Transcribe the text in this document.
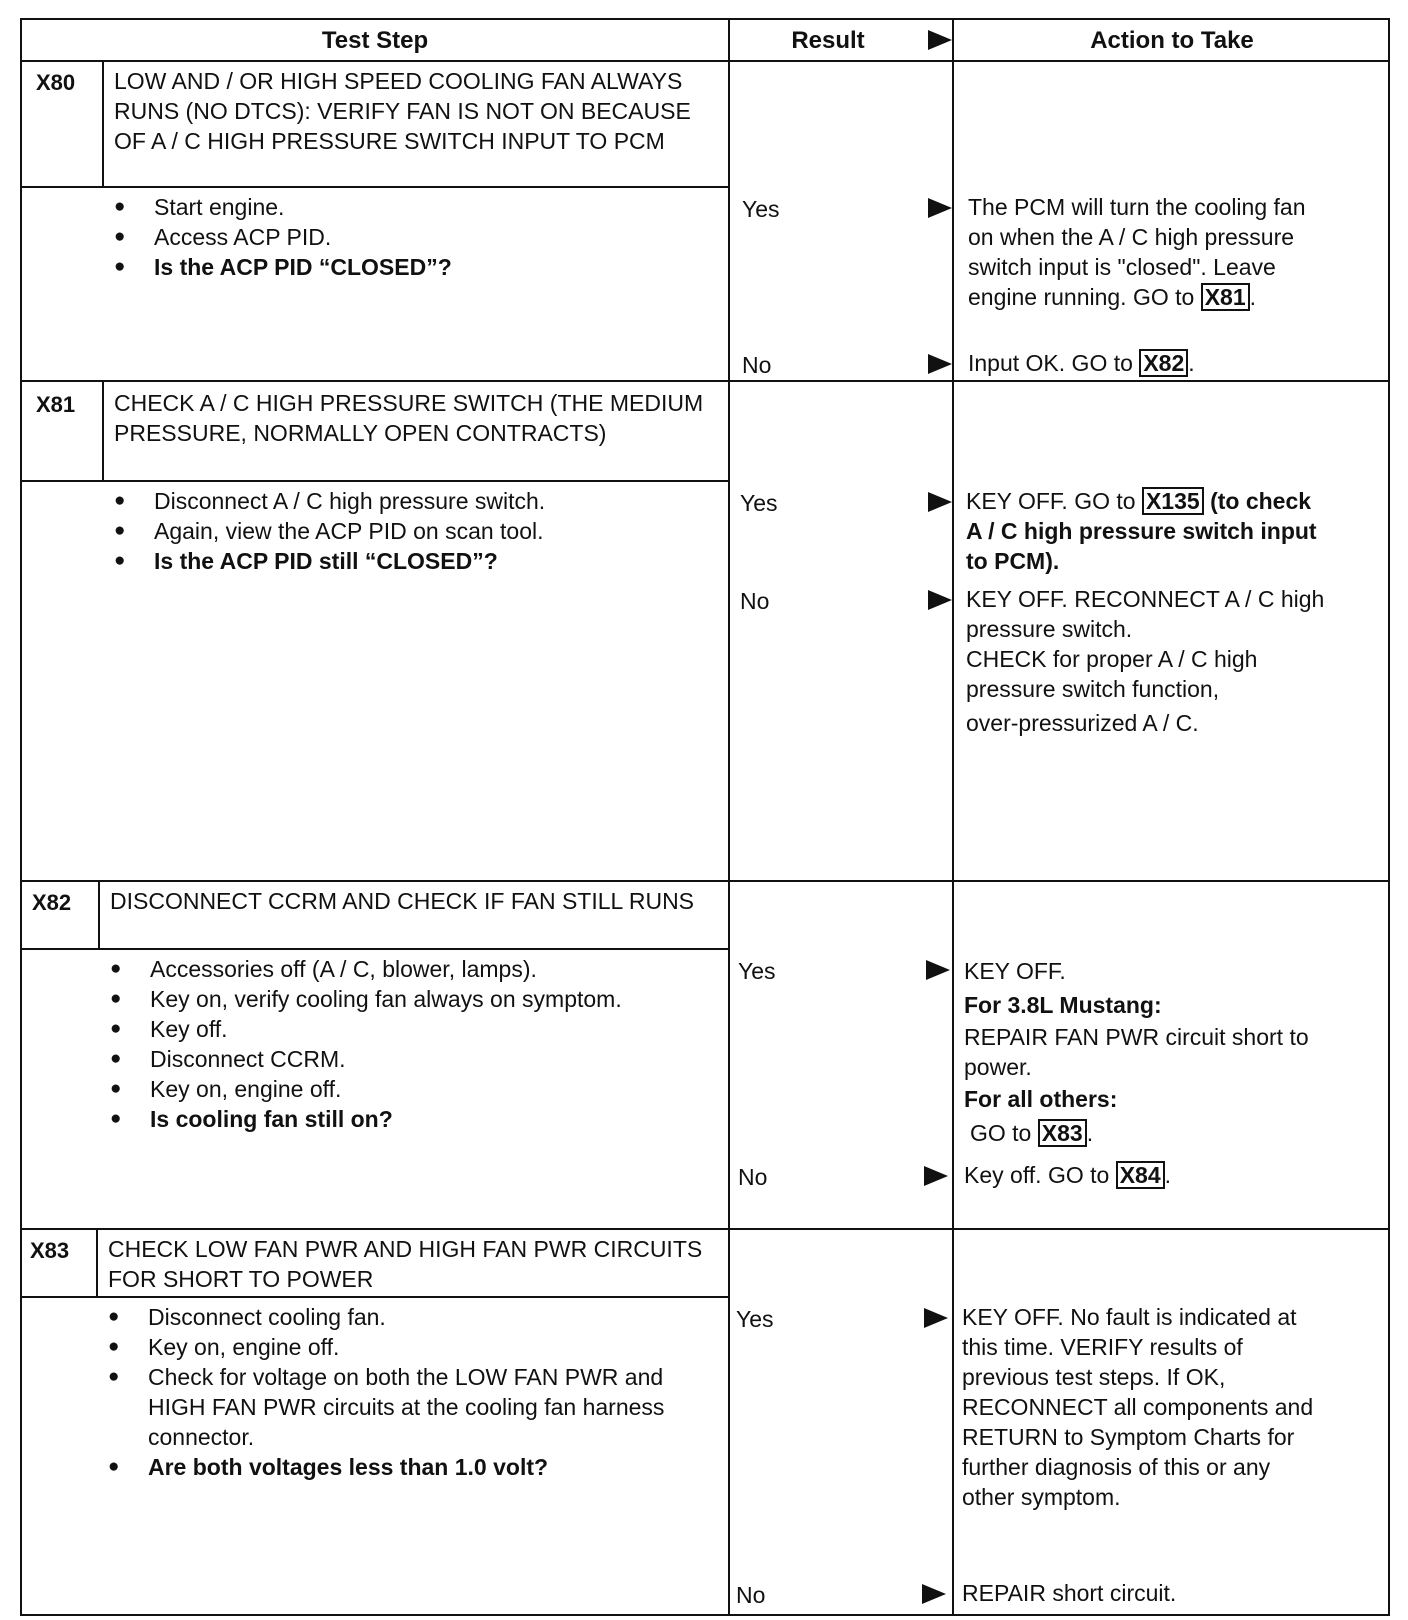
Test Step	Result	Action to Take
X80 LOW AND / OR HIGH SPEED COOLING FAN ALWAYS RUNS (NO DTCS): VERIFY FAN IS NOT ON BECAUSE OF A / C HIGH PRESSURE SWITCH INPUT TO PCM
● Start engine.
● Access ACP PID.
● Is the ACP PID “CLOSED”?
Yes	The PCM will turn the cooling fan on when the A / C high pressure switch input is "closed". Leave engine running. GO to X81 .
No	Input OK. GO to X82 .
X81 CHECK A / C HIGH PRESSURE SWITCH (THE MEDIUM PRESSURE, NORMALLY OPEN CONTRACTS)
● Disconnect A / C high pressure switch.
● Again, view the ACP PID on scan tool.
● Is the ACP PID still “CLOSED”?
Yes	KEY OFF. GO to X135 (to check A / C high pressure switch input to PCM).
No	KEY OFF. RECONNECT A / C high pressure switch.
CHECK for proper A / C high pressure switch function,
over-pressurized A / C.
X82 DISCONNECT CCRM AND CHECK IF FAN STILL RUNS
● Accessories off (A / C, blower, lamps).
● Key on, verify cooling fan always on symptom.
● Key off.
● Disconnect CCRM.
● Key on, engine off.
● Is cooling fan still on?
Yes	KEY OFF.
For 3.8L Mustang:
REPAIR FAN PWR circuit short to power.
For all others:
GO to X83 .
No	Key off. GO to X84 .
X83 CHECK LOW FAN PWR AND HIGH FAN PWR CIRCUITS FOR SHORT TO POWER
● Disconnect cooling fan.
● Key on, engine off.
● Check for voltage on both the LOW FAN PWR and HIGH FAN PWR circuits at the cooling fan harness connector.
● Are both voltages less than 1.0 volt?
Yes	KEY OFF. No fault is indicated at this time. VERIFY results of previous test steps. If OK, RECONNECT all components and RETURN to Symptom Charts for further diagnosis of this or any other symptom.
No	REPAIR short circuit.
